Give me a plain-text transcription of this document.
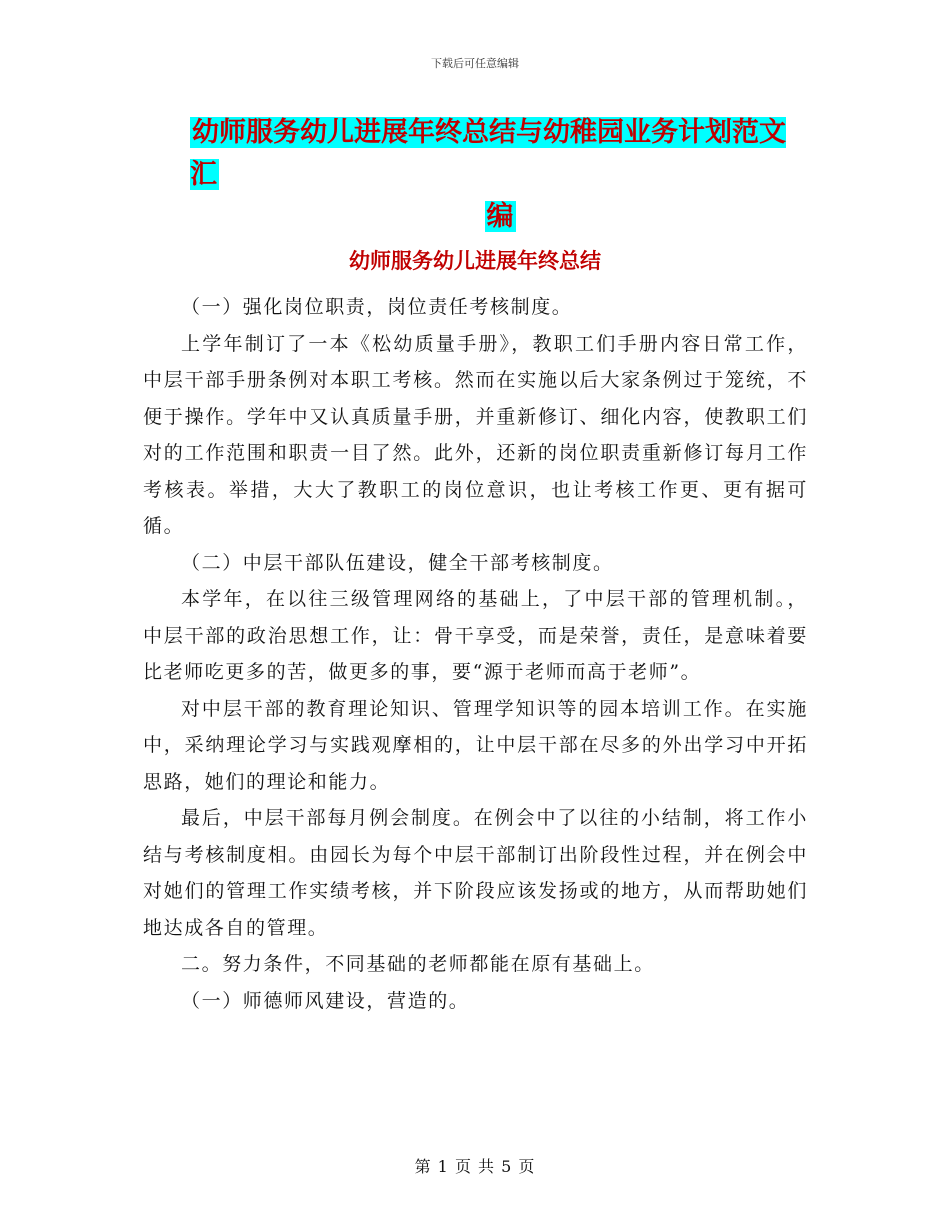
下载后可任意编辑
幼师服务幼儿进展年终总结与幼稚园业务计划范文汇
编
幼师服务幼儿进展年终总结

（一）强化岗位职责，岗位责任考核制度。

上学年制订了一本《松幼质量手册》，教职工们手册内容日常工作，中层干部手册条例对本职工考核。然而在实施以后大家条例过于笼统，不便于操作。学年中又认真质量手册，并重新修订、细化内容，使教职工们对的工作范围和职责一目了然。此外，还新的岗位职责重新修订每月工作考核表。举措，大大了教职工的岗位意识，也让考核工作更、更有据可循。

（二）中层干部队伍建设，健全干部考核制度。

本学年，在以往三级管理网络的基础上，了中层干部的管理机制。，中层干部的政治思想工作，让：骨干享受，而是荣誉，责任，是意味着要比老师吃更多的苦，做更多的事，要“源于老师而高于老师”。

对中层干部的教育理论知识、管理学知识等的园本培训工作。在实施中，采纳理论学习与实践观摩相的，让中层干部在尽多的外出学习中开拓思路，她们的理论和能力。

最后，中层干部每月例会制度。在例会中了以往的小结制，将工作小结与考核制度相。由园长为每个中层干部制订出阶段性过程，并在例会中对她们的管理工作实绩考核，并下阶段应该发扬或的地方，从而帮助她们地达成各自的管理。

二。努力条件，不同基础的老师都能在原有基础上。

（一）师德师风建设，营造的。

第 1 页 共 5 页
